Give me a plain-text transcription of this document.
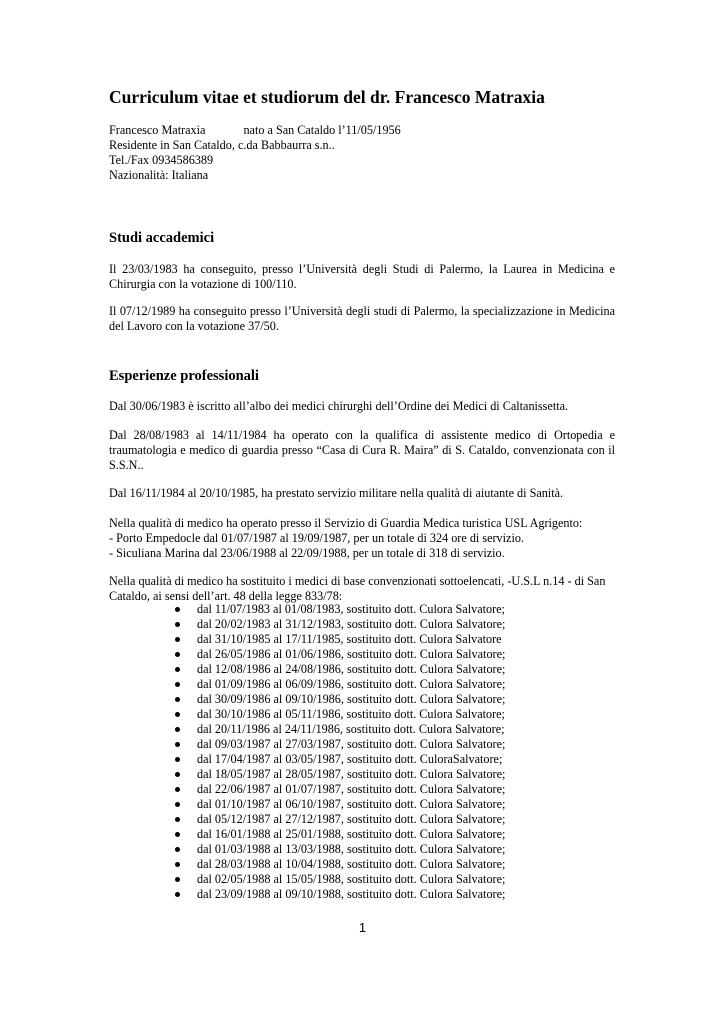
Curriculum vitae et studiorum del dr. Francesco Matraxia
Francesco Matraxia	nato a San Cataldo l’11/05/1956
Residente in San Cataldo, c.da Babbaurra s.n..
Tel./Fax 0934586389
Nazionalità: Italiana
Studi accademici

Il 23/03/1983 ha conseguito, presso l’Università degli Studi di Palermo, la Laurea in Medicina e Chirurgia con la votazione di 100/110.

Il 07/12/1989 ha conseguito presso l’Università degli studi di Palermo, la specializzazione in Medicina del Lavoro con la votazione 37/50.

Esperienze professionali

Dal 30/06/1983 è iscritto all’albo dei medici chirurghi dell’Ordine dei Medici di Caltanissetta.

Dal 28/08/1983 al 14/11/1984 ha operato con la qualifica di assistente medico di Ortopedia e traumatologia e medico di guardia presso “Casa di Cura R. Maira” di S. Cataldo, convenzionata con il S.S.N..

Dal 16/11/1984 al 20/10/1985, ha prestato servizio militare nella qualità di aiutante di Sanità.

Nella qualità di medico ha operato presso il Servizio di Guardia Medica turistica USL Agrigento:
- Porto Empedocle dal 01/07/1987 al 19/09/1987, per un totale di 324 ore di servizio.
- Siculiana Marina dal 23/06/1988 al 22/09/1988, per un totale di 318 di servizio.

Nella qualità di medico ha sostituito i medici di base convenzionati sottoelencati, -U.S.L n.14 - di San Cataldo, ai sensi dell’art. 48 della legge 833/78:

dal 11/07/1983 al 01/08/1983, sostituito dott. Culora Salvatore;
dal 20/02/1983 al 31/12/1983, sostituito dott. Culora Salvatore;
dal 31/10/1985 al 17/11/1985, sostituito dott. Culora Salvatore
dal 26/05/1986 al 01/06/1986, sostituito dott. Culora Salvatore;
dal 12/08/1986 al 24/08/1986, sostituito dott. Culora Salvatore;
dal 01/09/1986 al 06/09/1986, sostituito dott. Culora Salvatore;
dal 30/09/1986 al 09/10/1986, sostituito dott. Culora Salvatore;
dal 30/10/1986 al 05/11/1986, sostituito dott. Culora Salvatore;
dal 20/11/1986 al 24/11/1986, sostituito dott. Culora Salvatore;
dal 09/03/1987 al 27/03/1987, sostituito dott. Culora Salvatore;
dal 17/04/1987 al 03/05/1987, sostituito dott. CuloraSalvatore;
dal 18/05/1987 al 28/05/1987, sostituito dott. Culora Salvatore;
dal 22/06/1987 al 01/07/1987, sostituito dott. Culora Salvatore;
dal 01/10/1987 al 06/10/1987, sostituito dott. Culora Salvatore;
dal 05/12/1987 al 27/12/1987, sostituito dott. Culora Salvatore;
dal 16/01/1988 al 25/01/1988, sostituito dott. Culora Salvatore;
dal 01/03/1988 al 13/03/1988, sostituito dott. Culora Salvatore;
dal 28/03/1988 al 10/04/1988, sostituito dott. Culora Salvatore;
dal 02/05/1988 al 15/05/1988, sostituito dott. Culora Salvatore;
dal 23/09/1988 al 09/10/1988, sostituito dott. Culora Salvatore;
1
